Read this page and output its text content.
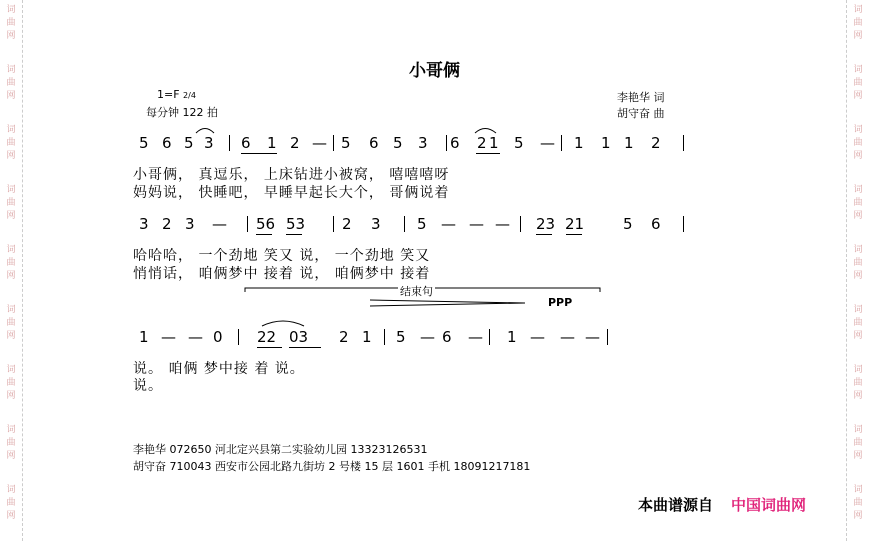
词
曲
网
词
曲
网
词
曲
网
词
曲
网
词
曲
网
词
曲
网
词
曲
网
词
曲
网
词
曲
网
词
曲
网
词
曲
网
词
曲
网
词
曲
网
词
曲
网
词
曲
网
词
曲
网
词
曲
网
词
曲
网
小哥俩
1=F 2/4
每分钟 122 拍
李艳华 词
胡守奋 曲
5 6 5 3 6 1 2 — 5 6 5 3 6 2 1 5 — 1 1 1 2
3 2 3 — 56 53 2 3 5 — — — 23 21	5 6
1 — — 0 22 03 2 1 5 — 6 — 1 — — —
结束句
PPP
小哥俩， 真逗乐， 上床钻进小被窝， 嘻嘻嘻呀
妈妈说， 快睡吧， 早睡早起长大个， 哥俩说着
哈哈哈， 一个劲地 笑又 说， 一个劲地 笑又
悄悄话， 咱俩梦中 接着 说， 咱俩梦中 接着
说。 咱俩 梦中接 着 说。
说。
李艳华 072650 河北定兴县第二实验幼儿园 13323126531
胡守奋 710043 西安市公园北路九街坊 2 号楼 15 层 1601 手机 18091217181
本曲谱源自 中国词曲网
